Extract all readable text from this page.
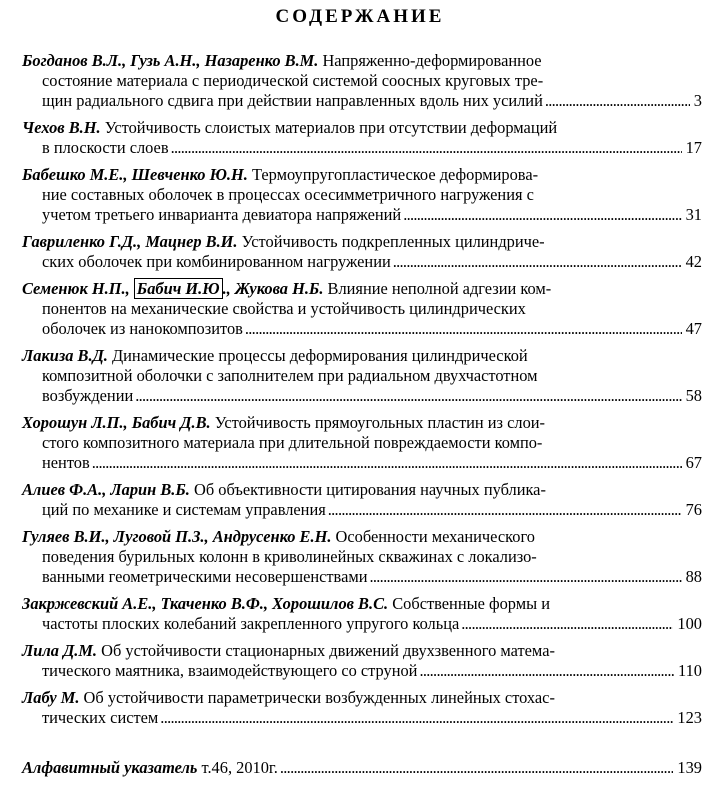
СОДЕРЖАНИЕ
Богданов В.Л., Гузь А.Н., Назаренко В.М. Напряженно-деформированное
состояние материала с периодической системой соосных круговых тре-
щин радиального сдвига при действии направленных вдоль них усилий . . .	3
Чехов В.Н. Устойчивость слоистых материалов при отсутствии деформаций
в плоскости слоев . . .	17
Бабешко М.Е., Шевченко Ю.Н. Термоупругопластическое деформирова-
ние составных оболочек в процессах осесимметричного нагружения с
учетом третьего инварианта девиатора напряжений . . .	31
Гавриленко Г.Д., Мацнер В.И. Устойчивость подкрепленных цилиндриче-
ских оболочек при комбинированном нагружении . . .	42
Семенюк Н.П., Бабич И.Ю ., Жукова Н.Б. Влияние неполной адгезии ком-
понентов на механические свойства и устойчивость цилиндрических
оболочек из нанокомпозитов . . .	47
Лакиза В.Д. Динамические процессы деформирования цилиндрической
композитной оболочки с заполнителем при радиальном двухчастотном
возбуждении . . .	58
Хорошун Л.П., Бабич Д.В. Устойчивость прямоугольных пластин из слои-
стого композитного материала при длительной повреждаемости компо-
нентов . . .	67
Алиев Ф.А., Ларин В.Б. Об объективности цитирования научных публика-
ций по механике и системам управления . . .	76
Гуляев В.И., Луговой П.З., Андрусенко Е.Н. Особенности механического
поведения бурильных колонн в криволинейных скважинах с локализо-
ванными геометрическими несовершенствами . . .	88
Закржевский А.Е., Ткаченко В.Ф., Хорошилов В.С. Собственные формы и
частоты плоских колебаний закрепленного упругого кольца . . .	100
Лила Д.М. Об устойчивости стационарных движений двухзвенного матема-
тического маятника, взаимодействующего со струной . . .	110
Лабу М. Об устойчивости параметрически возбужденных линейных стохас-
тических систем . . .	123
Алфавитный указатель т.46, 2010г. . . .	139
